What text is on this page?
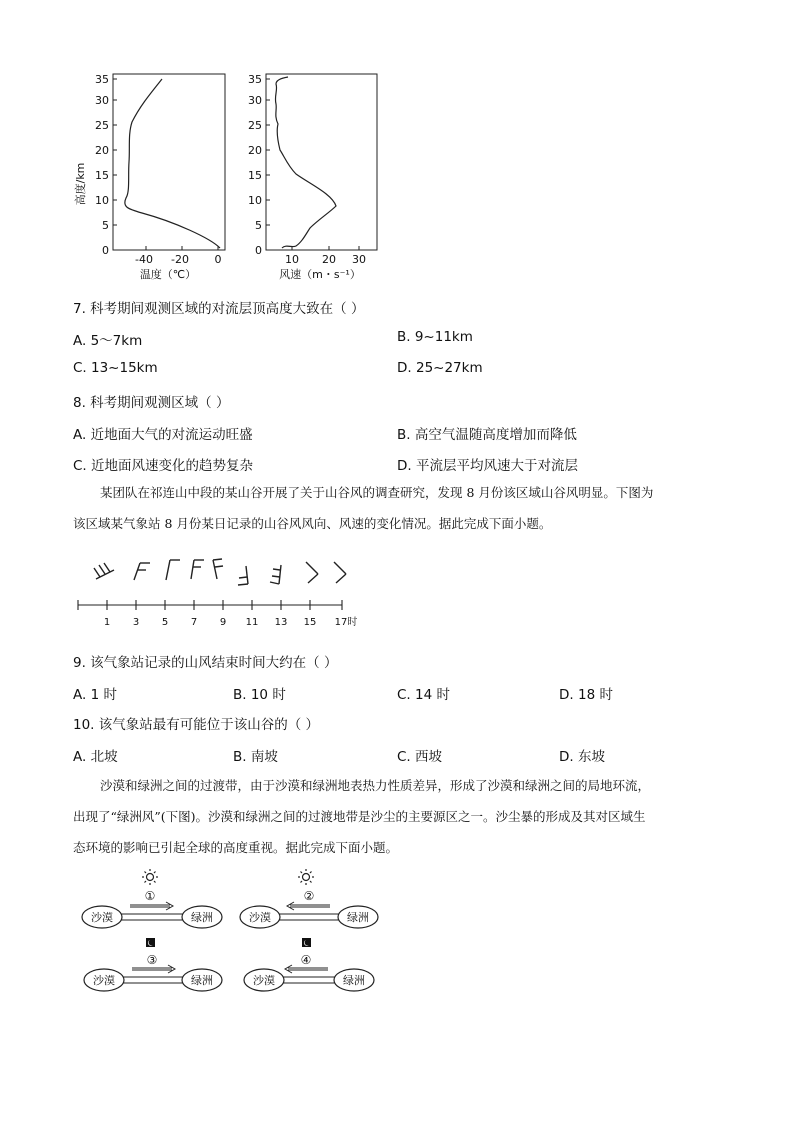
0
5
10
15
20
25
30
35
高度/km
-40 -20 0
温度（℃）
0
5
10
15
20
25
30
35
10 20 30
风速（m・s⁻¹）
7. 科考期间观测区域的对流层顶高度大致在（ ）
A. 5～7km	B. 9~11km
C. 13~15km	D. 25~27km
8. 科考期间观测区域（ ）
A. 近地面大气的对流运动旺盛	B. 高空气温随高度增加而降低
C. 近地面风速变化的趋势复杂	D. 平流层平均风速大于对流层
某团队在祁连山中段的某山谷开展了关于山谷风的调查研究，发现 8 月份该区域山谷风明显。下图为
该区域某气象站 8 月份某日记录的山谷风风向、风速的变化情况。据此完成下面小题。
1 3 5 7 9 11 13 15 17时
9. 该气象站记录的山风结束时间大约在（ ）
A. 1 时	B. 10 时	C. 14 时	D. 18 时
10. 该气象站最有可能位于该山谷的（ ）
A. 北坡	B. 南坡	C. 西坡	D. 东坡
沙漠和绿洲之间的过渡带，由于沙漠和绿洲地表热力性质差异，形成了沙漠和绿洲之间的局地环流，
出现了“绿洲风”(下图)。沙漠和绿洲之间的过渡地带是沙尘的主要源区之一。沙尘暴的形成及其对区域生
态环境的影响已引起全球的高度重视。据此完成下面小题。
①
沙漠	绿洲
②
沙漠	绿洲
③
沙漠	绿洲
④
沙漠	绿洲
